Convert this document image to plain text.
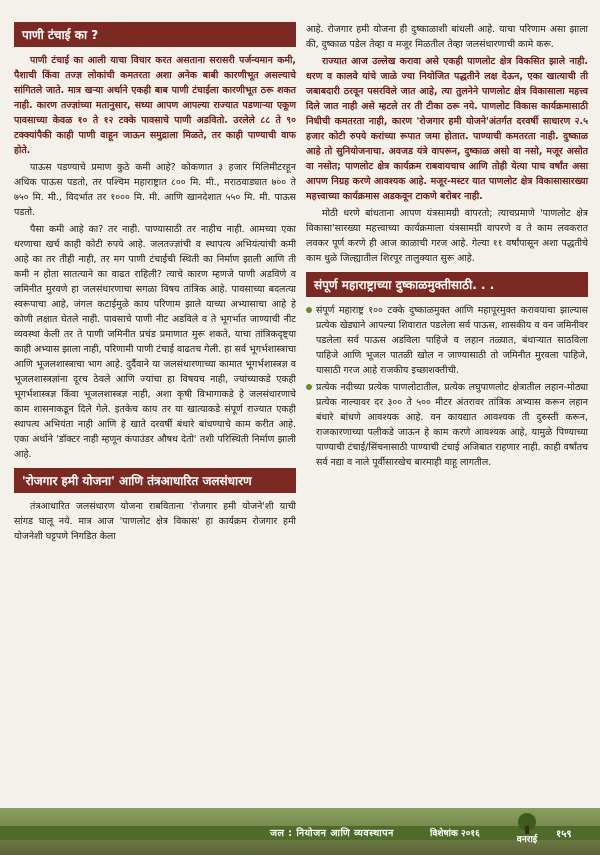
पाणी टंचाई का ?

पाणी टंचाई का आली याचा विचार करत असताना सरासरी पर्जन्यमान कमी, पैशाची किंवा तज्ज्ञ लोकांची कमतरता अशा अनेक बाबी कारणीभूत असल्याचे सांगितले जाते. मात्र खऱ्या अर्थाने एकही बाब पाणी टंचाईला कारणीभूत ठरू शकत नाही. कारण तज्ज्ञांच्या मतानुसार, सध्या आपण आपल्या राज्यात पडणाऱ्या एकूण पावसाच्या केवळ १० ते १२ टक्के पावसाचे पाणी अडवितो. उरलेले ८८ ते ९० टक्क्यांपैकी काही पाणी वाहून जाऊन समुद्राला मिळते, तर काही पाण्याची वाफ होते.

पाऊस पडण्याचे प्रमाण कुठे कमी आहे? कोकणात ३ हजार मिलिमीटरहून अधिक पाऊस पडतो, तर पश्चिम महाराष्ट्रात ८०० मि. मी., मराठवाड्यात ७०० ते ७५० मि. मी., विदर्भात तर १००० मि. मी. आणि खानदेशात ५५० मि. मी. पाऊस पडतो.

पैसा कमी आहे का? तर नाही. पाण्यासाठी तर नाहीच नाही. आमच्या एका धरणाचा खर्च काही कोटी रुपये आहे. जलतज्ज्ञांची व स्थापत्य अभियंत्यांची कमी आहे का तर तीही नाही, तर मग पाणी टंचाईची स्थिती का निर्माण झाली आणि ती कमी न होता सातत्याने का वाढत राहिली? त्याचे कारण म्हणजे पाणी अडविणे व जमिनीत मुरवणे हा जलसंधारणाचा सगळा विषय तांत्रिक आहे. पावसाच्या बदलत्या स्वरूपाचा आहे, जंगल कटाईमुळे काय परिणाम झाले याच्या अभ्यासाचा आहे हे कोणी लक्षात घेतले नाही. पावसाचे पाणी नीट अडविले व ते भूगर्भात जाण्याची नीट व्यवस्था केली तर ते पाणी जमिनीत प्रचंड प्रमाणात मुरू शकते, याचा तांत्रिकदृष्ट्या काही अभ्यास झाला नाही, परिणामी पाणी टंचाई वाढतच गेली. हा सर्व भूगर्भशास्त्राचा आणि भूजलशास्त्राचा भाग आहे. दुर्दैवाने या जलसंधारणाच्या कामात भूगर्भशास्त्रज्ञ व भूजलशास्त्रज्ञांना दूरच ठेवले आणि ज्यांचा हा विषयच नाही, ज्यांच्याकडे एकही भूगर्भशास्त्रज्ञ किंवा भूजलशास्त्रज्ञ नाही, अशा कृषी विभागाकडे हे जलसंधारणाचे काम शासनाकडून दिले गेले. इतकेच काय तर या खात्याकडे संपूर्ण राज्यात एकही स्थापत्य अभियंता नाही आणि हे खाते दरवर्षी बंधारे बांधण्याचे काम करीत आहे. एका अर्थाने 'डॉक्टर नाही म्हणून कंपाउंडर औषध देतो' तशी परिस्थिती निर्माण झाली आहे.

'रोजगार हमी योजना' आणि तंत्रआधारित जलसंधारण

तंत्रआधारित जलसंधारण योजना राबविताना 'रोजगार हमी योजने'शी याची सांगड घालू नये. मात्र आज 'पाणलोट क्षेत्र विकास' हा कार्यक्रम रोजगार हमी योजनेशी घट्टपणे निगडित केला

आहे. रोजगार हमी योजना ही दुष्काळाशी बांधली आहे. याचा परिणाम असा झाला की, दुष्काळ पडेल तेव्हा व मजूर मिळतील तेव्हा जलसंधारणाची कामे करू.

राज्यात आज उल्लेख करावा असे एकही पाणलोट क्षेत्र विकसित झाले नाही. धरण व कालवे यांचे जाळे ज्या नियोजित पद्धतीने लक्ष देऊन, एका खात्याची ती जबाबदारी ठरवून पसरविले जात आहे, त्या तुलनेने पाणलोट क्षेत्र विकासाला महत्त्व दिले जात नाही असे म्हटले तर ती टीका ठरू नये. पाणलोट विकास कार्यक्रमासाठी निधीची कमतरता नाही, कारण 'रोजगार हमी योजने'अंतर्गत दरवर्षी साधारण २.५ हजार कोटी रुपये करांच्या रूपात जमा होतात. पाण्याची कमतरता नाही. दुष्काळ आहे तो सुनियोजनाचा. अवजड यंत्रे वापरून, दुष्काळ असो वा नसो, मजूर असोत वा नसोत; पाणलोट क्षेत्र कार्यक्रम राबवायचाच आणि तोही येत्या पाच वर्षांत असा आपण निग्रह करणे आवश्यक आहे. मजूर-मस्टर यात पाणलोट क्षेत्र विकासासारख्या महत्त्वाच्या कार्यक्रमास अडकवून टाकणे बरोबर नाही.

मोठी धरणे बांधताना आपण यंत्रसामग्री वापरतो; त्याचप्रमाणे 'पाणलोट क्षेत्र विकासा'सारख्या महत्त्वाच्या कार्यक्रमाला यंत्रसामग्री वापरणे व ते काम लवकरात लवकर पूर्ण करणे ही आज काळाची गरज आहे. गेल्या ११ वर्षांपासून अशा पद्धतीचे काम धुळे जिल्ह्यातील शिरपूर तालुक्यात सुरू आहे.

संपूर्ण महाराष्ट्राच्या दुष्काळमुक्तीसाठी. . .
संपूर्ण महाराष्ट्र १०० टक्के दुष्काळमुक्त आणि महापूरमुक्त करावयाचा झाल्यास प्रत्येक खेड्याने आपल्या शिवारात पडलेला सर्व पाऊस, शासकीय व वन जमिनीवर पडलेला सर्व पाऊस अडविला पाहिजे व लहान तळ्यात, बंधाऱ्यात साठविला पाहिजे आणि भूजल पातळी खोल न जाण्यासाठी तो जमिनीत मुरवला पाहिजे, यासाठी गरज आहे राजकीय इच्छाशक्तीची.
प्रत्येक नदीच्या प्रत्येक पाणलोटातील, प्रत्येक लघुपाणलोट क्षेत्रातील लहान-मोठ्या प्रत्येक नाल्यावर दर ३०० ते ५०० मीटर अंतरावर तांत्रिक अभ्यास करून लहान बंधारे बांधणे आवश्यक आहे. वन कायद्यात आवश्यक ती दुरुस्ती करून, राजकारणाच्या पलीकडे जाऊन हे काम करणे आवश्यक आहे, यामुळे पिण्याच्या पाण्याची टंचाई/सिंचनासाठी पाण्याची टंचाई अजिबात राहणार नाही. काही वर्षांतच सर्व नद्या व नाले पूर्वीसारखेच बारमाही वाहू लागतील.
जल : नियोजन आणि व्यवस्थापन	विशेषांक २०१६
वनराई १५९
